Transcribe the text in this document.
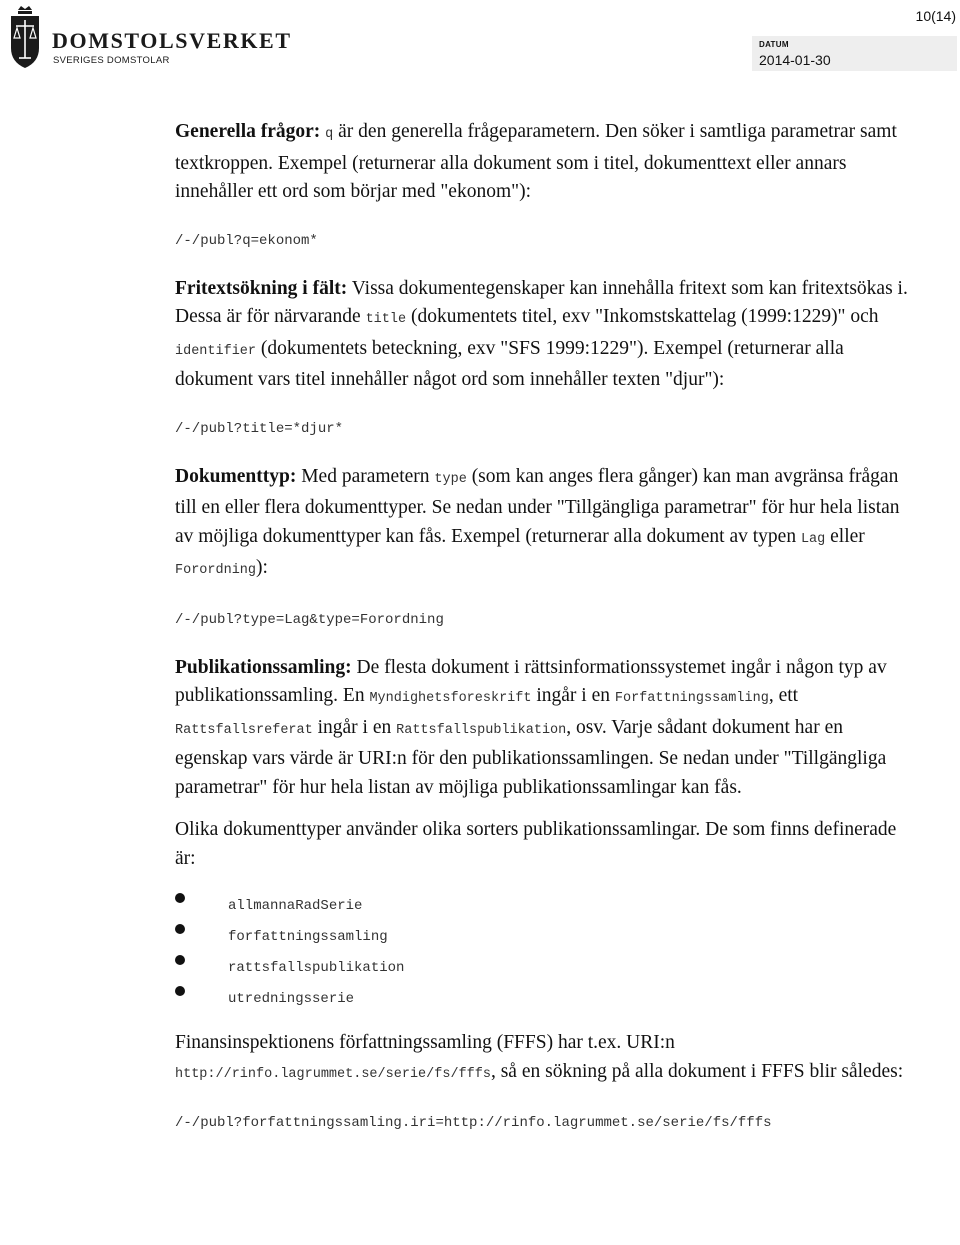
DOMSTOLSVERKET
SVERIGES DOMSTOLAR
10(14)
DATUM
2014-01-30

Generella frågor: q är den generella frågeparametern. Den söker i samtliga parametrar samt textkroppen. Exempel (returnerar alla dokument som i titel, dokumenttext eller annars innehåller ett ord som börjar med "ekonom"):

/-/publ?q=ekonom*

Fritextsökning i fält: Vissa dokumentegenskaper kan innehålla fritext som kan fritextsökas i. Dessa är för närvarande title (dokumentets titel, exv "Inkomstskattelag (1999:1229)" och identifier (dokumentets beteckning, exv "SFS 1999:1229"). Exempel (returnerar alla dokument vars titel innehåller något ord som innehåller texten "djur"):

/-/publ?title=*djur*

Dokumenttyp: Med parametern type (som kan anges flera gånger) kan man avgränsa frågan till en eller flera dokumenttyper. Se nedan under "Tillgängliga parametrar" för hur hela listan av möjliga dokumenttyper kan fås. Exempel (returnerar alla dokument av typen Lag eller Forordning):

/-/publ?type=Lag&type=Forordning

Publikationssamling: De flesta dokument i rättsinformationssystemet ingår i någon typ av publikationssamling. En Myndighetsforeskrift ingår i en Forfattningssamling, ett Rattsfallsreferat ingår i en Rattsfallspublikation, osv. Varje sådant dokument har en egenskap vars värde är URI:n för den publikationssamlingen. Se nedan under "Tillgängliga parametrar" för hur hela listan av möjliga publikationssamlingar kan fås.

Olika dokumenttyper använder olika sorters publikationssamlingar. De som finns definerade är:

allmannaRadSerie
forfattningssamling
rattsfallspublikation
utredningsserie

Finansinspektionens författningssamling (FFFS) har t.ex. URI:n http://rinfo.lagrummet.se/serie/fs/fffs, så en sökning på alla dokument i FFFS blir således:

/-/publ?forfattningssamling.iri=http://rinfo.lagrummet.se/serie/fs/fffs
